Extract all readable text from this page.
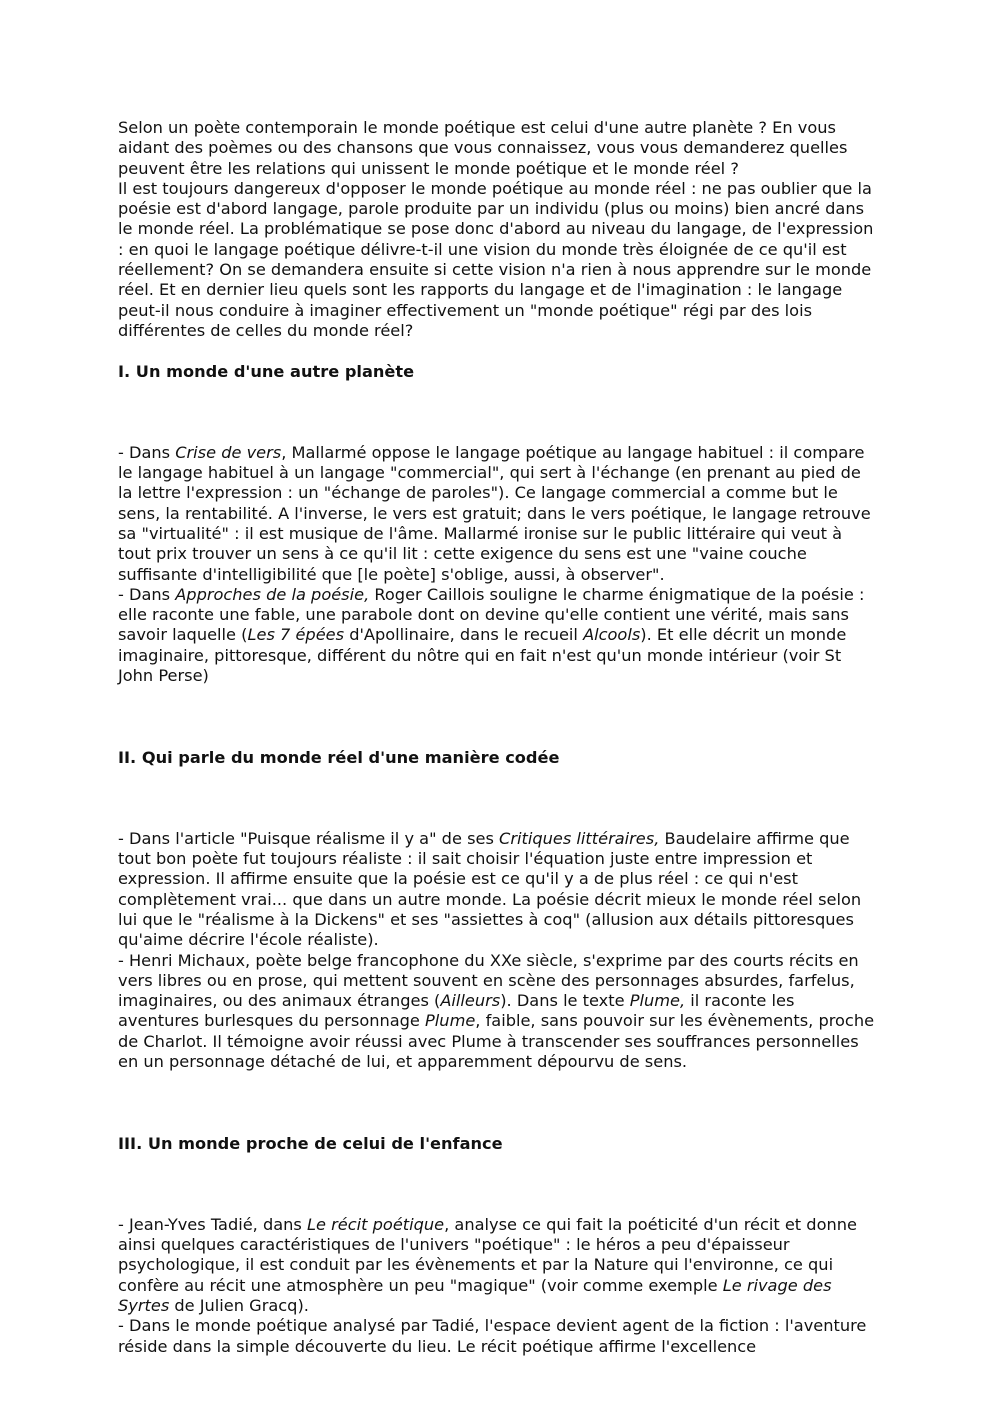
Selon un poète contemporain le monde poétique est celui d'une autre planète ? En vous aidant des poèmes ou des chansons que vous connaissez, vous vous demanderez quelles peuvent être les relations qui unissent le monde poétique et le monde réel ?

Il est toujours dangereux d'opposer le monde poétique au monde réel : ne pas oublier que la poésie est d'abord langage, parole produite par un individu (plus ou moins) bien ancré dans le monde réel. La problématique se pose donc d'abord au niveau du langage, de l'expression : en quoi le langage poétique délivre-t-il une vision du monde très éloignée de ce qu'il est réellement? On se demandera ensuite si cette vision n'a rien à nous apprendre sur le monde réel. Et en dernier lieu quels sont les rapports du langage et de l'imagination : le langage peut-il nous conduire à imaginer effectivement un "monde poétique" régi par des lois différentes de celles du monde réel?

I. Un monde d'une autre planète

- Dans Crise de vers, Mallarmé oppose le langage poétique au langage habituel : il compare le langage habituel à un langage "commercial", qui sert à l'échange (en prenant au pied de la lettre l'expression : un "échange de paroles"). Ce langage commercial a comme but le sens, la rentabilité. A l'inverse, le vers est gratuit; dans le vers poétique, le langage retrouve sa "virtualité" : il est musique de l'âme. Mallarmé ironise sur le public littéraire qui veut à tout prix trouver un sens à ce qu'il lit : cette exigence du sens est une "vaine couche suffisante d'intelligibilité que [le poète] s'oblige, aussi, à observer".

- Dans Approches de la poésie, Roger Caillois souligne le charme énigmatique de la poésie : elle raconte une fable, une parabole dont on devine qu'elle contient une vérité, mais sans savoir laquelle (Les 7 épées d'Apollinaire, dans le recueil Alcools). Et elle décrit un monde imaginaire, pittoresque, différent du nôtre qui en fait n'est qu'un monde intérieur (voir St John Perse)

II. Qui parle du monde réel d'une manière codée

- Dans l'article "Puisque réalisme il y a" de ses Critiques littéraires, Baudelaire affirme que tout bon poète fut toujours réaliste : il sait choisir l'équation juste entre impression et expression. Il affirme ensuite que la poésie est ce qu'il y a de plus réel : ce qui n'est complètement vrai... que dans un autre monde. La poésie décrit mieux le monde réel selon lui que le "réalisme à la Dickens" et ses "assiettes à coq" (allusion aux détails pittoresques qu'aime décrire l'école réaliste).

- Henri Michaux, poète belge francophone du XXe siècle, s'exprime par des courts récits en vers libres ou en prose, qui mettent souvent en scène des personnages absurdes, farfelus, imaginaires, ou des animaux étranges (Ailleurs). Dans le texte Plume, il raconte les aventures burlesques du personnage Plume, faible, sans pouvoir sur les évènements, proche de Charlot. Il témoigne avoir réussi avec Plume à transcender ses souffrances personnelles en un personnage détaché de lui, et apparemment dépourvu de sens.

III. Un monde proche de celui de l'enfance

- Jean-Yves Tadié, dans Le récit poétique, analyse ce qui fait la poéticité d'un récit et donne ainsi quelques caractéristiques de l'univers "poétique" : le héros a peu d'épaisseur psychologique, il est conduit par les évènements et par la Nature qui l'environne, ce qui confère au récit une atmosphère un peu "magique" (voir comme exemple Le rivage des Syrtes de Julien Gracq).

- Dans le monde poétique analysé par Tadié, l'espace devient agent de la fiction : l'aventure réside dans la simple découverte du lieu. Le récit poétique affirme l'excellence
